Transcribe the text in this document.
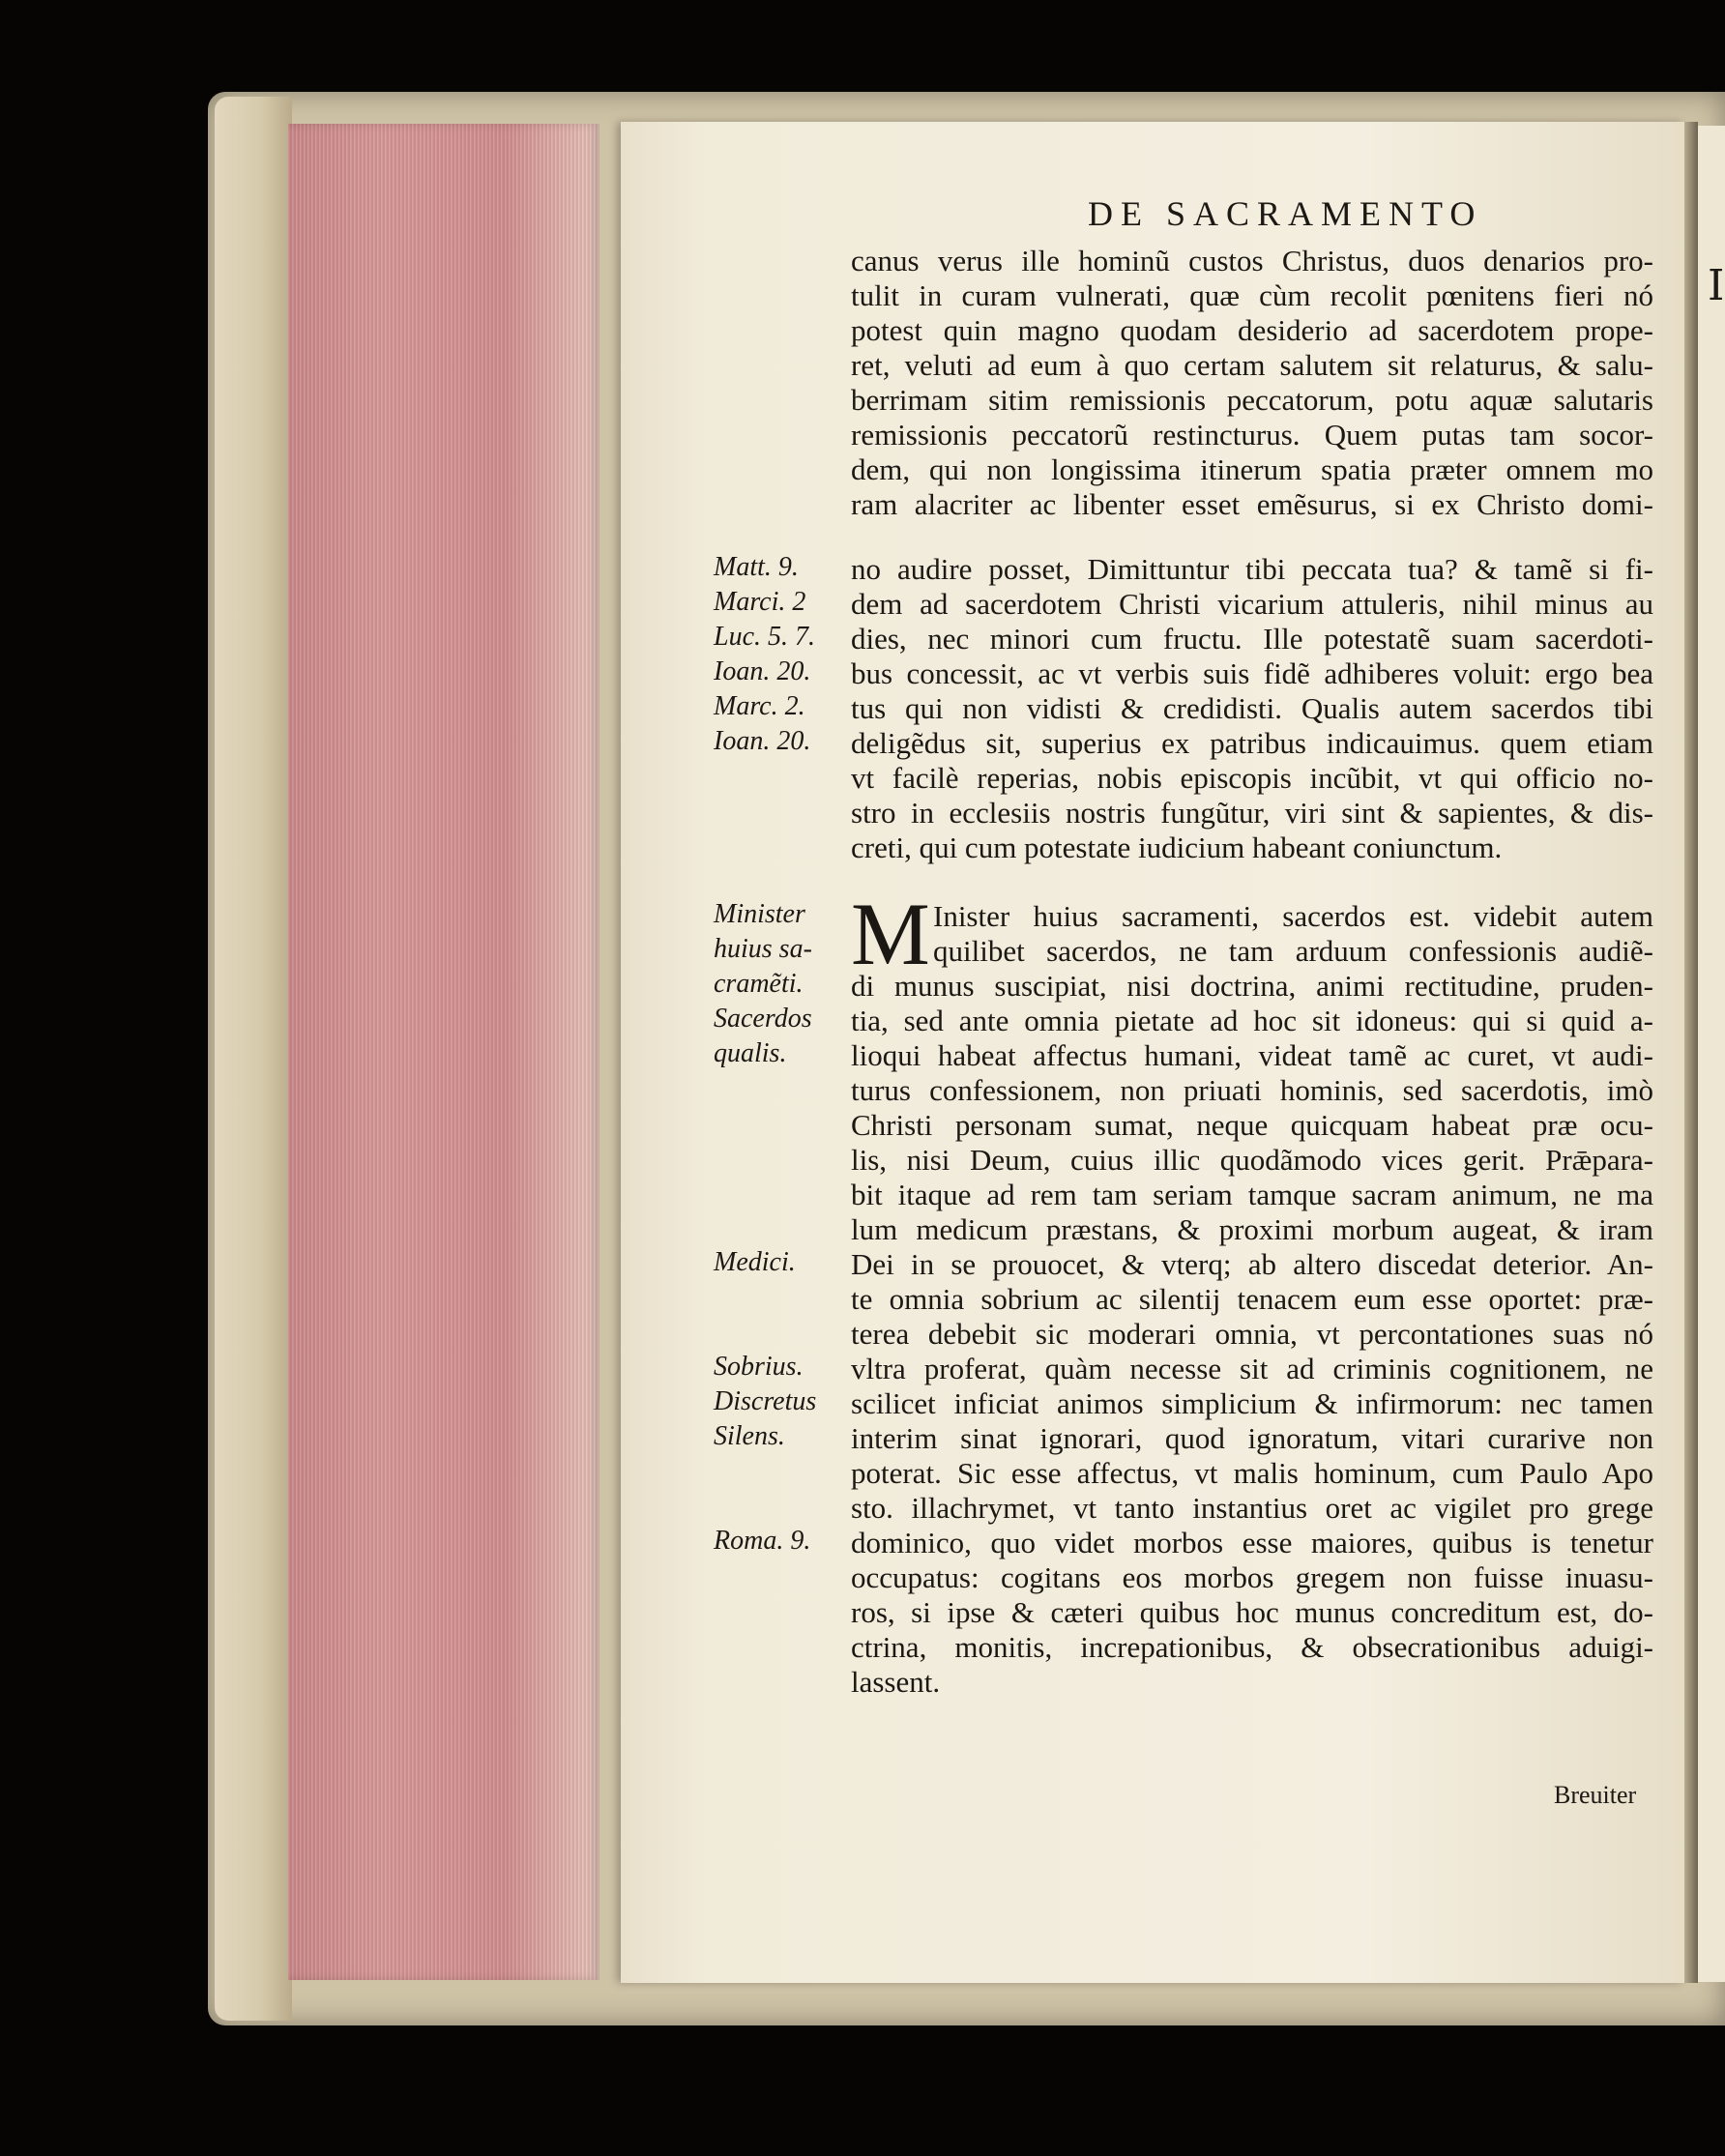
I
DE SACRAMENTO
canus verus ille hominũ custos Christus, duos denarios pro-
tulit in curam vulnerati, quæ cùm recolit pœnitens fieri nó
potest quin magno quodam desiderio ad sacerdotem prope-
ret, veluti ad eum à quo certam salutem sit relaturus, & salu-
berrimam sitim remissionis peccatorum, potu aquæ salutaris
remissionis peccatorũ restincturus. Quem putas tam socor-
dem, qui non longissima itinerum spatia præter omnem mo
ram alacriter ac libenter esset emẽsurus, si ex Christo domi-
no audire posset, Dimittuntur tibi peccata tua? & tamẽ si fi-
dem ad sacerdotem Christi vicarium attuleris, nihil minus au
dies, nec minori cum fructu. Ille potestatẽ suam sacerdoti-
bus concessit, ac vt verbis suis fidẽ adhiberes voluit: ergo bea
tus qui non vidisti & credidisti. Qualis autem sacerdos tibi
deligẽdus sit, superius ex patribus indicauimus. quem etiam
vt facilè reperias, nobis episcopis incũbit, vt qui officio no-
stro in ecclesiis nostris fungũtur, viri sint & sapientes, & dis-
creti, qui cum potestate iudicium habeant coniunctum.
M Inister huius sacramenti, sacerdos est. videbit autem
quilibet sacerdos, ne tam arduum confessionis audiẽ-
di munus suscipiat, nisi doctrina, animi rectitudine, pruden-
tia, sed ante omnia pietate ad hoc sit idoneus: qui si quid a-
lioqui habeat affectus humani, videat tamẽ ac curet, vt audi-
turus confessionem, non priuati hominis, sed sacerdotis, imò
Christi personam sumat, neque quicquam habeat præ ocu-
lis, nisi Deum, cuius illic quodãmodo vices gerit. Prǣpara-
bit itaque ad rem tam seriam tamque sacram animum, ne ma
lum medicum præstans, & proximi morbum augeat, & iram
Dei in se prouocet, & vterq; ab altero discedat deterior. An-
te omnia sobrium ac silentij tenacem eum esse oportet: præ-
terea debebit sic moderari omnia, vt percontationes suas nó
vltra proferat, quàm necesse sit ad criminis cognitionem, ne
scilicet inficiat animos simplicium & infirmorum: nec tamen
interim sinat ignorari, quod ignoratum, vitari curarive non
poterat. Sic esse affectus, vt malis hominum, cum Paulo Apo
sto. illachrymet, vt tanto instantius oret ac vigilet pro grege
dominico, quo videt morbos esse maiores, quibus is tenetur
occupatus: cogitans eos morbos gregem non fuisse inuasu-
ros, si ipse & cæteri quibus hoc munus concreditum est, do-
ctrina, monitis, increpationibus, & obsecrationibus aduigi-
lassent.
Matt. 9.
Marci. 2
Luc. 5. 7.
Ioan. 20.
Marc. 2.
Ioan. 20.
Minister
huius sa-
cramẽti.
Sacerdos
qualis.
Medici.
Sobrius.
Discretus
Silens.
Roma. 9.
Breuiter
